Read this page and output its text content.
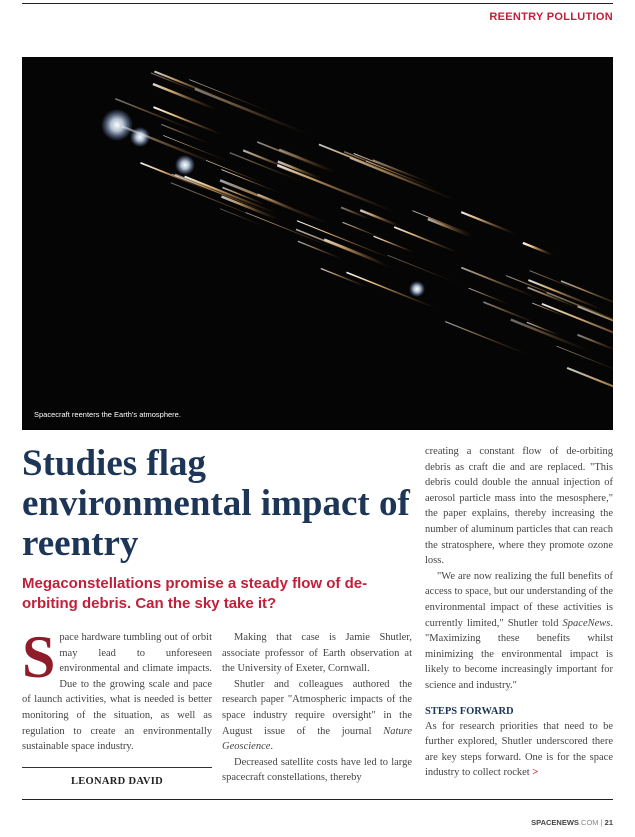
REENTRY POLLUTION
Spacecraft reenters the Earth's atmosphere.
Studies flag environmental impact of reentry
Megaconstellations promise a steady flow of de-orbiting debris. Can the sky take it?

Space hardware tumbling out of orbit may lead to unforeseen environmental and climate impacts. Due to the growing scale and pace of launch activities, what is needed is better monitoring of the situation, as well as regulation to create an environmentally sustainable space industry.

LEONARD DAVID

Making that case is Jamie Shutler, associate professor of Earth observation at the University of Exeter, Cornwall.

Shutler and colleagues authored the research paper "Atmospheric impacts of the space industry require oversight" in the August issue of the journal Nature Geoscience.

Decreased satellite costs have led to large spacecraft constellations, thereby

creating a constant flow of de-orbiting debris as craft die and are replaced. "This debris could double the annual injection of aerosol particle mass into the mesosphere," the paper explains, thereby increasing the number of aluminum particles that can reach the stratosphere, where they promote ozone loss.

"We are now realizing the full benefits of access to space, but our understanding of the environmental impact of these activities is currently limited," Shutler told SpaceNews. "Maximizing these benefits whilst minimizing the environmental impact is likely to become increasingly important for science and industry."

STEPS FORWARD

As for research priorities that need to be further explored, Shutler underscored there are key steps forward. One is for the space industry to collect rocket >

SPACENEWS.COM | 21
